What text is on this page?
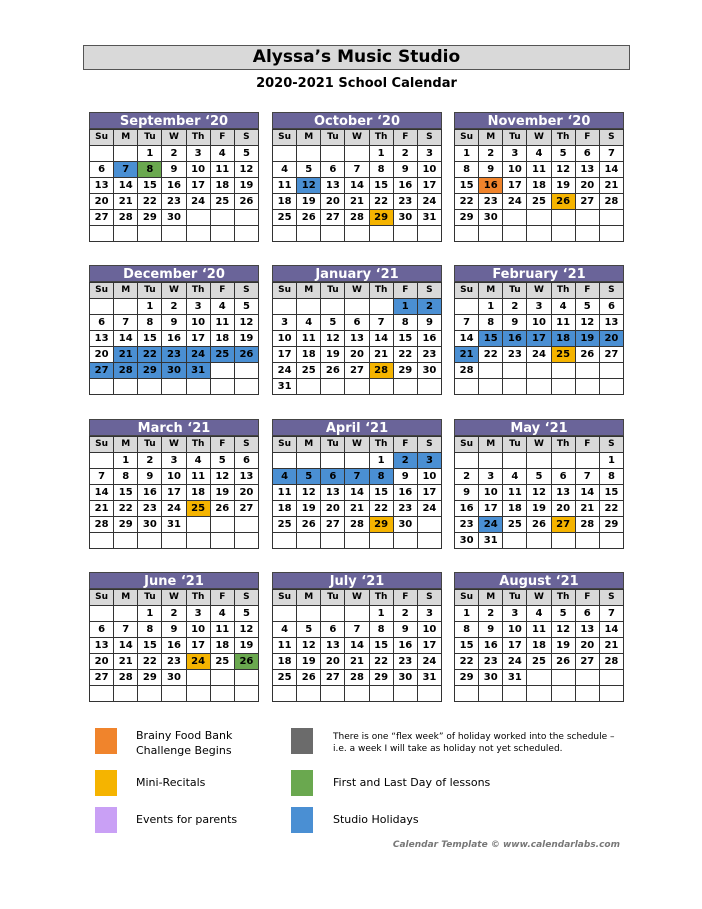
Alyssa’s Music Studio
2020-2021 School Calendar
September ‘20
Su	M	Tu	W	Th	F	S
		1	2	3	4	5
6	7	8	9	10	11	12
13	14	15	16	17	18	19
20	21	22	23	24	25	26
27	28	29	30			

October ‘20
Su	M	Tu	W	Th	F	S
				1	2	3
4	5	6	7	8	9	10
11	12	13	14	15	16	17
18	19	20	21	22	23	24
25	26	27	28	29	30	31

November ‘20
Su	M	Tu	W	Th	F	S
1	2	3	4	5	6	7
8	9	10	11	12	13	14
15	16	17	18	19	20	21
22	23	24	25	26	27	28
29	30					

December ‘20
Su	M	Tu	W	Th	F	S
		1	2	3	4	5
6	7	8	9	10	11	12
13	14	15	16	17	18	19
20	21	22	23	24	25	26
27	28	29	30	31		

January ‘21
Su	M	Tu	W	Th	F	S
					1	2
3	4	5	6	7	8	9
10	11	12	13	14	15	16
17	18	19	20	21	22	23
24	25	26	27	28	29	30
31						
February ‘21
Su	M	Tu	W	Th	F	S
	1	2	3	4	5	6
7	8	9	10	11	12	13
14	15	16	17	18	19	20
21	22	23	24	25	26	27
28						

March ‘21
Su	M	Tu	W	Th	F	S
	1	2	3	4	5	6
7	8	9	10	11	12	13
14	15	16	17	18	19	20
21	22	23	24	25	26	27
28	29	30	31			

April ‘21
Su	M	Tu	W	Th	F	S
				1	2	3
4	5	6	7	8	9	10
11	12	13	14	15	16	17
18	19	20	21	22	23	24
25	26	27	28	29	30	

May ‘21
Su	M	Tu	W	Th	F	S
						1
2	3	4	5	6	7	8
9	10	11	12	13	14	15
16	17	18	19	20	21	22
23	24	25	26	27	28	29
30	31					
June ‘21
Su	M	Tu	W	Th	F	S
		1	2	3	4	5
6	7	8	9	10	11	12
13	14	15	16	17	18	19
20	21	22	23	24	25	26
27	28	29	30			

July ‘21
Su	M	Tu	W	Th	F	S
				1	2	3
4	5	6	7	8	9	10
11	12	13	14	15	16	17
18	19	20	21	22	23	24
25	26	27	28	29	30	31

August ‘21
Su	M	Tu	W	Th	F	S
1	2	3	4	5	6	7
8	9	10	11	12	13	14
15	16	17	18	19	20	21
22	23	24	25	26	27	28
29	30	31				

Brainy Food Bank
Challenge Begins
Mini-Recitals
Events for parents
There is one “flex week” of holiday worked into the schedule –
i.e. a week I will take as holiday not yet scheduled.
First and Last Day of lessons
Studio Holidays
Calendar Template © www.calendarlabs.com
